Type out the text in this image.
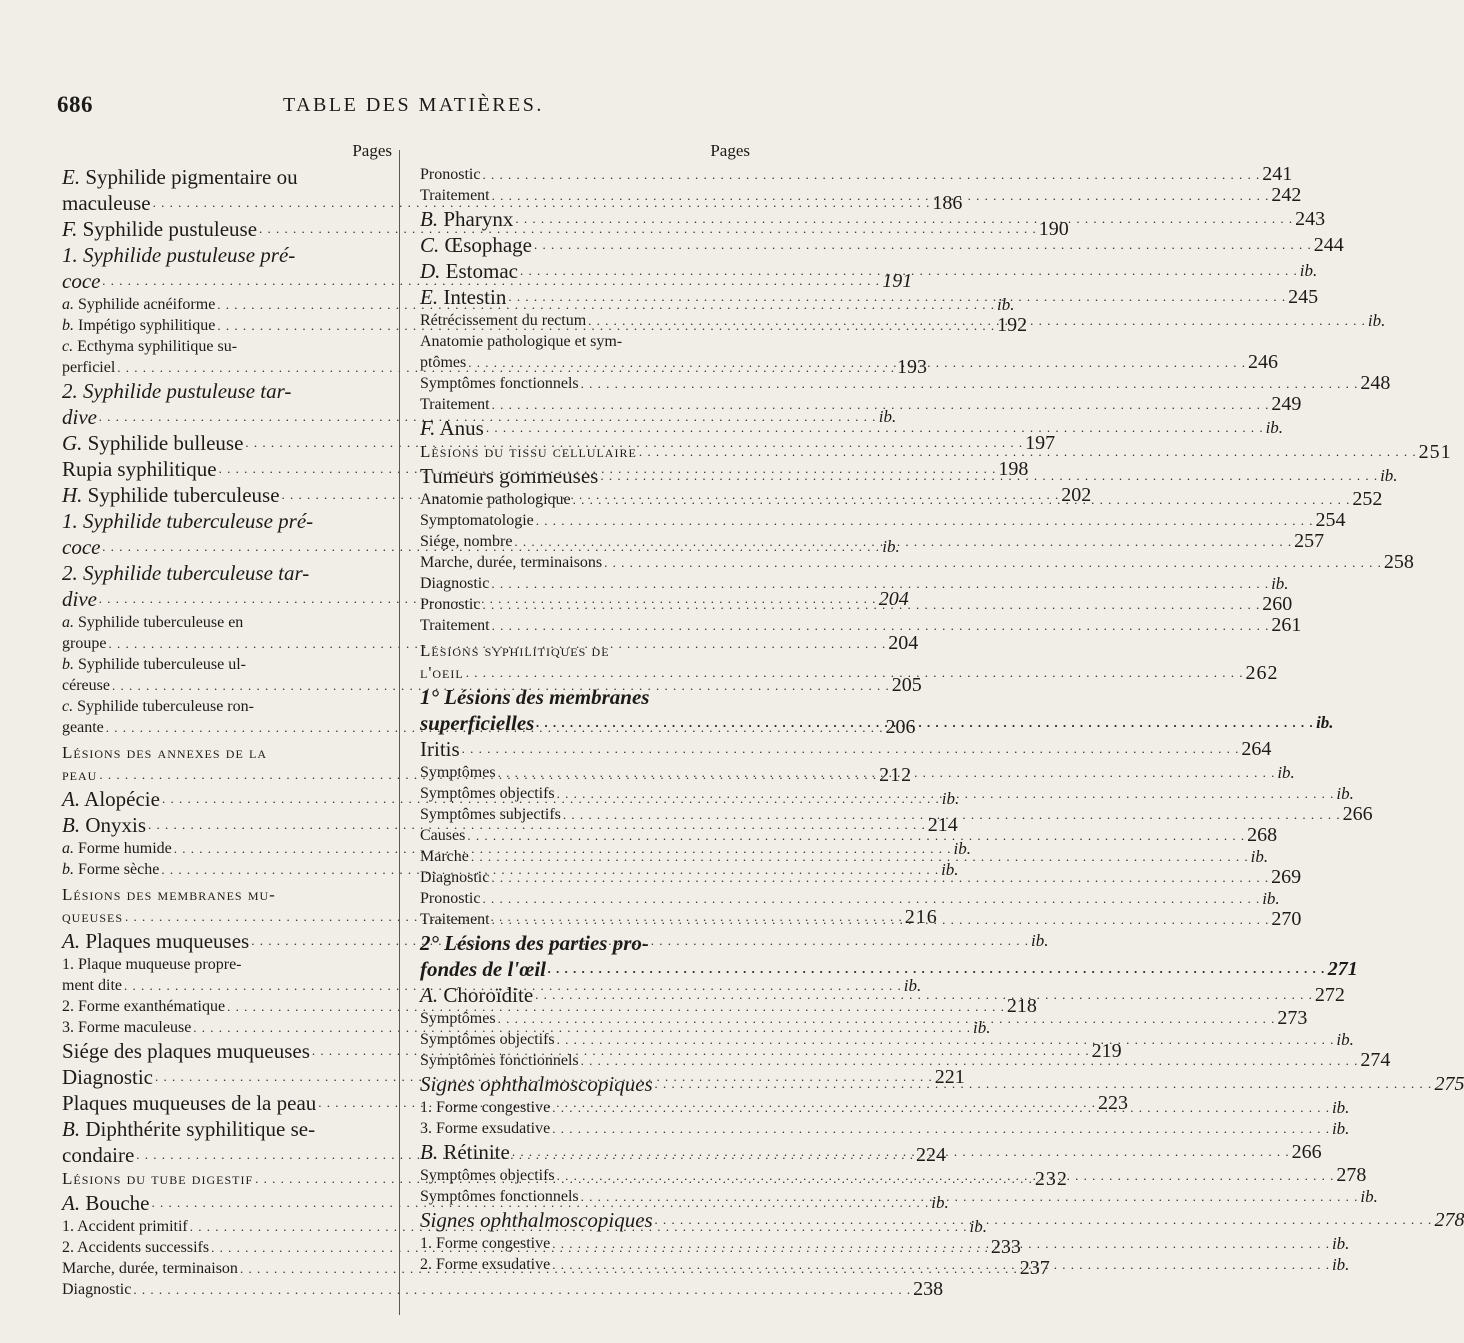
686	TABLE DES MATIÈRES.
Pages
E. Syphilide pigmentaire ou
maculeuse . . .	186
F. Syphilide pustuleuse . . .	190
1. Syphilide pustuleuse pré-
coce . . .	191
a. Syphilide acnéiforme . . .	ib.
b. Impétigo syphilitique . . .	192
c. Ecthyma syphilitique su-
perficiel . . .	193
2. Syphilide pustuleuse tar-
dive . . .	ib.
G. Syphilide bulleuse . . .	197
Rupia syphilitique . . .	198
H. Syphilide tuberculeuse . . .	202
1. Syphilide tuberculeuse pré-
coce . . .	ib.
2. Syphilide tuberculeuse tar-
dive . . .	204
a. Syphilide tuberculeuse en
groupe . . .	204
b. Syphilide tuberculeuse ul-
céreuse . . .	205
c. Syphilide tuberculeuse ron-
geante . . .	206
Lésions des annexes de la
peau . . .	212
A. Alopécie . . .	ib.
B. Onyxis . . .	214
a. Forme humide . . .	ib.
b. Forme sèche . . .	ib.
Lésions des membranes mu-
queuses . . .	216
A. Plaques muqueuses . . .	ib.
1. Plaque muqueuse propre-
ment dite . . .	ib.
2. Forme exanthématique . . .	218
3. Forme maculeuse . . .	ib.
Siége des plaques muqueuses . . .	219
Diagnostic . . .	221
Plaques muqueuses de la peau . . .	223
B. Diphthérite syphilitique se-
condaire . . .	224
Lésions du tube digestif . . .	232
A. Bouche . . .	ib.
1. Accident primitif . . .	ib.
2. Accidents successifs . . .	233
Marche, durée, terminaison . . .	237
Diagnostic . . .	238
Pages
Pronostic . . .	241
Traitement . . .	242
B. Pharynx . . .	243
C. Œsophage . . .	244
D. Estomac . . .	ib.
E. Intestin . . .	245
Rétrécissement du rectum . . .	ib.
Anatomie pathologique et sym-
ptômes . . .	246
Symptômes fonctionnels . . .	248
Traitement . . .	249
F. Anus . . .	ib.
Lésions du tissu cellulaire . . .	251
Tumeurs gommeuses . . .	ib.
Anatomie pathologique . . .	252
Symptomatologie . . .	254
Siége, nombre . . .	257
Marche, durée, terminaisons . . .	258
Diagnostic . . .	ib.
Pronostic . . .	260
Traitement . . .	261
Lésions syphilitiques de
l'oeil . . .	262
1° Lésions des membranes
superficielles . . .	ib.
Iritis . . .	264
Symptômes . . .	ib.
Symptômes objectifs . . .	ib.
Symptômes subjectifs . . .	266
Causes . . .	268
Marche . . .	ib.
Diagnostic . . .	269
Pronostic . . .	ib.
Traitement . . .	270
2° Lésions des parties pro-
fondes de l'œil . . .	271
A. Choroïdite . . .	272
Symptômes . . .	273
Symptômes objectifs . . .	ib.
Symptômes fonctionnels . . .	274
Signes ophthalmoscopiques . . .	275
1. Forme congestive . . .	ib.
3. Forme exsudative . . .	ib.
B. Rétinite . . .	266
Symptômes objectifs . . .	278
Symptômes fonctionnels . . .	ib.
Signes ophthalmoscopiques . . .	278
1. Forme congestive . . .	ib.
2. Forme exsudative . . .	ib.
